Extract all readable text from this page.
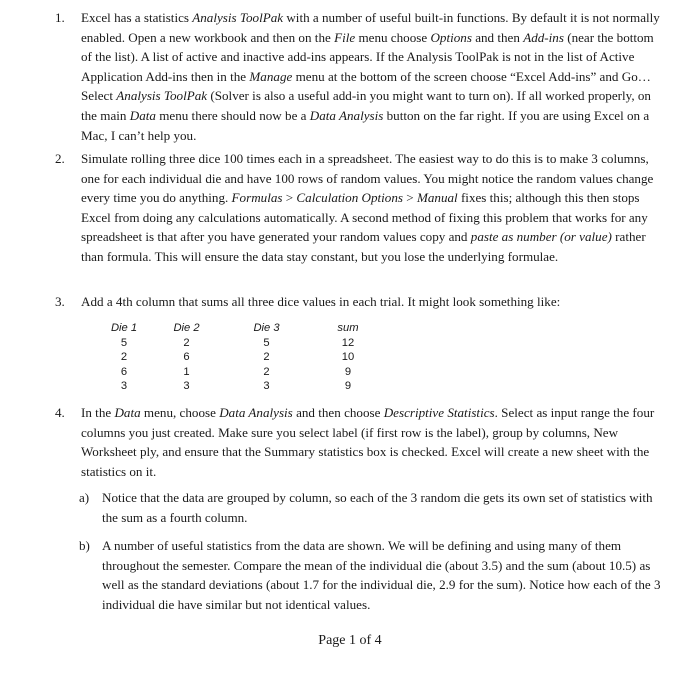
1. Excel has a statistics Analysis ToolPak with a number of useful built-in functions. By default it is not normally enabled. Open a new workbook and then on the File menu choose Options and then Add-ins (near the bottom of the list). A list of active and inactive add-ins appears. If the Analysis ToolPak is not in the list of Active Application Add-ins then in the Manage menu at the bottom of the screen choose “Excel Add-ins” and Go… Select Analysis ToolPak (Solver is also a useful add-in you might want to turn on). If all worked properly, on the main Data menu there should now be a Data Analysis button on the far right. If you are using Excel on a Mac, I can’t help you.
2. Simulate rolling three dice 100 times each in a spreadsheet. The easiest way to do this is to make 3 columns, one for each individual die and have 100 rows of random values. You might notice the random values change every time you do anything. Formulas > Calculation Options > Manual fixes this; although this then stops Excel from doing any calculations automatically. A second method of fixing this problem that works for any spreadsheet is that after you have generated your random values copy and paste as number (or value) rather than formula. This will ensure the data stay constant, but you lose the underlying formulae.
3. Add a 4th column that sums all three dice values in each trial. It might look something like:
Die 1	Die 2	Die 3	sum
5	2	5	12
2	6	2	10
6	1	2	9
3	3	3	9
4. In the Data menu, choose Data Analysis and then choose Descriptive Statistics. Select as input range the four columns you just created. Make sure you select label (if first row is the label), group by columns, New Worksheet ply, and ensure that the Summary statistics box is checked. Excel will create a new sheet with the statistics on it.
a) Notice that the data are grouped by column, so each of the 3 random die gets its own set of statistics with the sum as a fourth column.
b) A number of useful statistics from the data are shown. We will be defining and using many of them throughout the semester. Compare the mean of the individual die (about 3.5) and the sum (about 10.5) as well as the standard deviations (about 1.7 for the individual die, 2.9 for the sum). Notice how each of the 3 individual die have similar but not identical values.
Page 1 of 4
